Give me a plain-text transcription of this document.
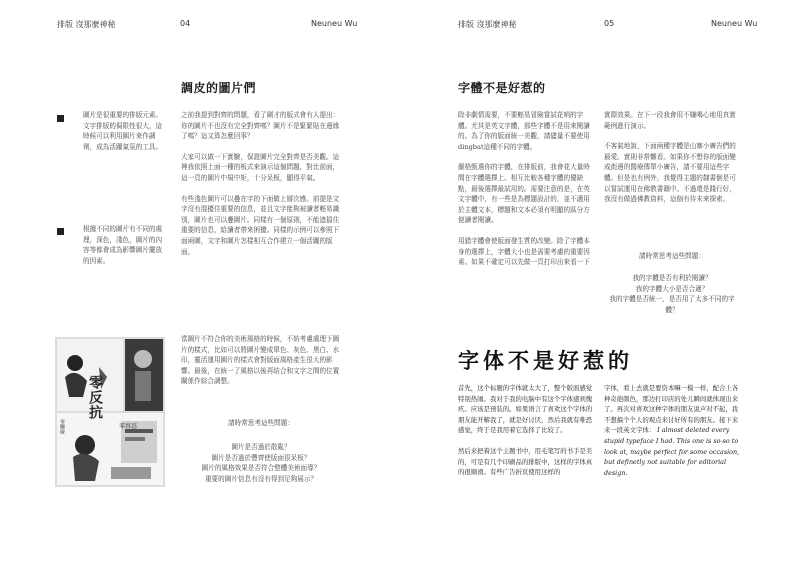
排版 沒那麼神秘	04	Neuneu Wu
調皮的圖片們
圖片是很重要的排版元素。文字排版的侷限性很大，這時候可以利用圖片來作調劑，成為活躍氣氛的工具。
根據不同的圖片有不同的處理，深色，淺色，圖片的內容等都會成為影響圖片擺放的因素。

之前我提到對齊的問題，看了剛才的版式會有人提出：你的圖片不也沒有完全對齊嗎？圖片不是緊緊貼在邊緣了嗎？這又算怎麼回事？

大家可以做一下實驗，保證圖片完全對齊是否美觀。這裡我依照上面一種的板式來演示這個問題，對比前面，這一頁的圖片中規中矩，十分呆板，顯得平氣。

有些淺色圖片可以疊在字的下面做上層次感。前提是文字沒有混擾住重要的信息，並且文字能夠被讀者輕易識別，圖片也可以疊圖片。同樣有一個原則，不能遮擋住重要的信息，給讀者帶來困擾。同樣的示例可以參照下面兩圖，文字和圖片怎樣相互合作建立一個活躍的版面。

當圖片不符合你的美術風格的時候，不妨考慮處理下圖片的樣式，比如可以將圖片變成單色、灰色、黑白、水印，靈活運用圖片的樣式會對版面風格產生很大的影響。最後，在統一了風格以後再結合和文字之間的位置關係作綜合調整。
請時常思考這些問題：
圖片是否過於散亂？
圖片是否過於豐齊使版面很呆板？
圖片的風格效果是否符合整體美術面導？
重要的圖片信息有沒有得到足夠展示？
零反抗
零觸碰	零容忍
排版 沒那麼神秘	05	Neuneu Wu
字體不是好惹的

除非劇情需要，不要輕易冒險嘗試花哨的字體。尤其是英文字體，那些字體不是用來閱讀的。為了你的版面統一美觀，請儘量不要使用dingbat這種不同的字體。

嚴格甄選你的字體，在排版前，我會花大量時間在字體選擇上。相互比較各種字體的優缺點，最後選擇最試用的。需要注意的是，在英文字體中，有一些是為標題設計的，並不適用於主體文本，標題和文本必須有明顯的區分方便讀者閱讀。

用錯字體會使版面發生質的改變。除了字體本身的選擇上，字體大小也是需要考慮的重要因素。如果不確定可以先做一頁打印出來看一下

實際效果。在下一段我會用不嫌喝心地用真實範例進行演示。

不客氣地說，下面兩種字體是山寨小廣告們的最愛。實則非常難看。如果你不想你的版面變成街邊的醫療傳單小廣告，請不要用這些字體。但是也有例外，我覺得主題的隸書倒是可以嘗試運用在佛教書籍中。不過還是踐行好，我沒有做過佛教資料，這個有待未來探索。

請時常思考這些問題：
我的字體是否有利於閱讀？
我的字體大小是否合適？
我的字體是否統一，是否用了太多不同的字體？
字体不是好惹的

首先，这个标题的字体就太大了，整个版面感觉特别热闹。我对于我的电脑中有这个字体感到愧疚。应该是预装的。如果语言了喜欢这个字体的朋友能开解我了，就是好讨厌，然后我就有唯恐感觉，终于是我用着它选择了比较了。

然后来把着这个主题书中，用毛笔写的书手是美的，可是有几个印刷品的排版中，这样的字体真的很顺滑。有些广告折页使用这样的

字体，看上去就是要资本嘛一模一样，配合上各种奇葩颜色，那边打印店的处儿瞬间就体现出来了。再次对喜欢这种字体的朋友说声对不起，我不想搞个个人的观点来讨好所有的朋友。接下来来一段英文字体： I almost deleted every stupid typeface I had. This one is so-so to look at, maybe perfect for some occasion, but definetly not suitable for editorial design.
